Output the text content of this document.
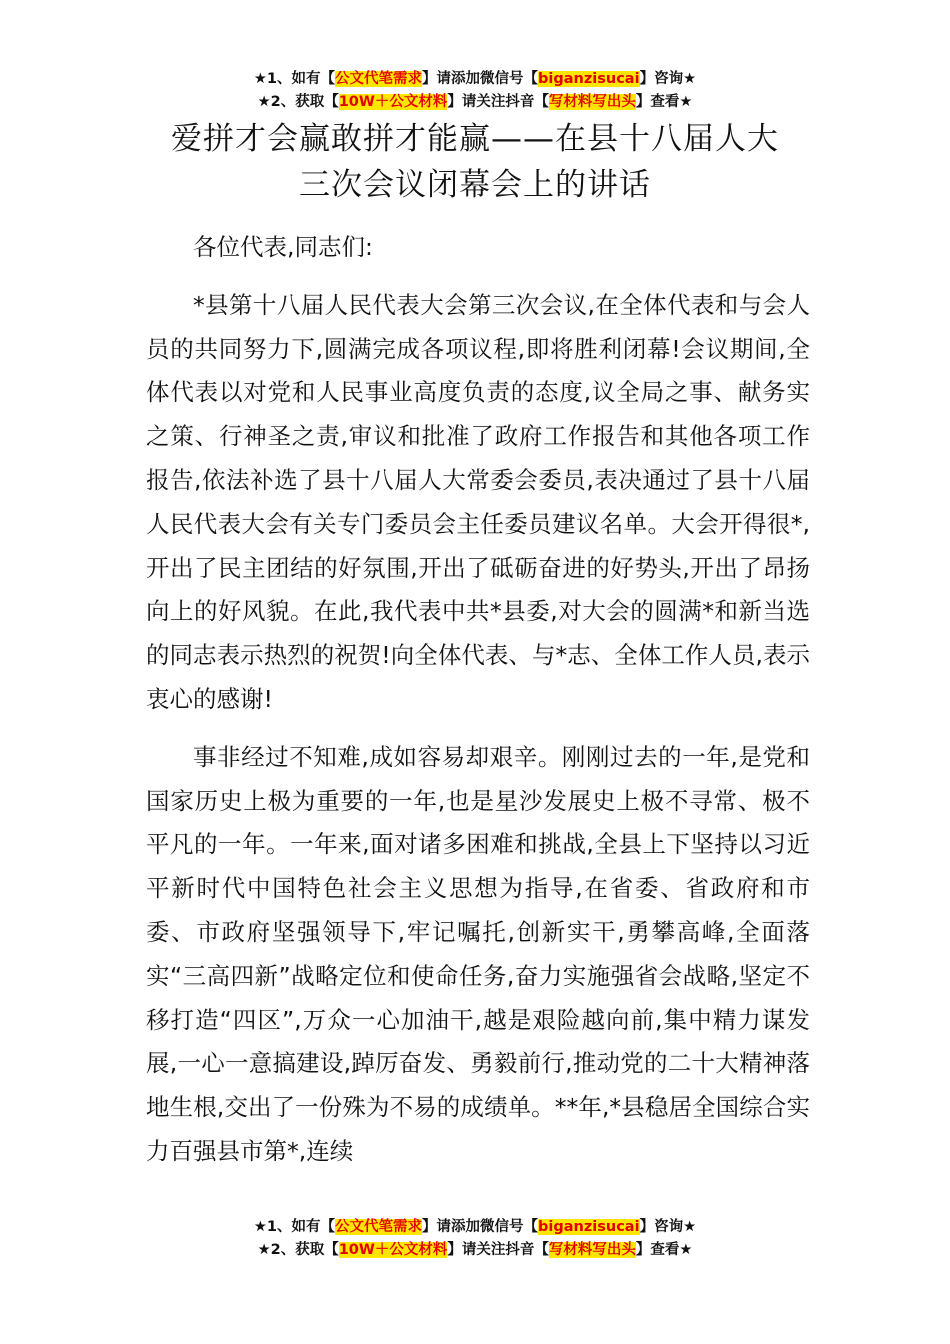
★1、如有【公文代笔需求】请添加微信号【biganzisucai】咨询★
★2、获取【10W＋公文材料】请关注抖音【写材料写出头】查看★
爱拼才会赢敢拼才能赢——在县十八届人大
三次会议闭幕会上的讲话

各位代表,同志们:

*县第十八届人民代表大会第三次会议,在全体代表和与会人员的共同努力下,圆满完成各项议程,即将胜利闭幕!会议期间,全体代表以对党和人民事业高度负责的态度,议全局之事、献务实之策、行神圣之责,审议和批准了政府工作报告和其他各项工作报告,依法补选了县十八届人大常委会委员,表决通过了县十八届人民代表大会有关专门委员会主任委员建议名单。大会开得很*,开出了民主团结的好氛围,开出了砥砺奋进的好势头,开出了昂扬向上的好风貌。在此,我代表中共*县委,对大会的圆满*和新当选的同志表示热烈的祝贺!向全体代表、与*志、全体工作人员,表示衷心的感谢!

事非经过不知难,成如容易却艰辛。刚刚过去的一年,是党和国家历史上极为重要的一年,也是星沙发展史上极不寻常、极不平凡的一年。一年来,面对诸多困难和挑战,全县上下坚持以习近平新时代中国特色社会主义思想为指导,在省委、省政府和市委、市政府坚强领导下,牢记嘱托,创新实干,勇攀高峰,全面落实“三高四新”战略定位和使命任务,奋力实施强省会战略,坚定不移打造“四区”,万众一心加油干,越是艰险越向前,集中精力谋发展,一心一意搞建设,踔厉奋发、勇毅前行,推动党的二十大精神落地生根,交出了一份殊为不易的成绩单。**年,*县稳居全国综合实力百强县市第*,连续

★1、如有【公文代笔需求】请添加微信号【biganzisucai】咨询★
★2、获取【10W＋公文材料】请关注抖音【写材料写出头】查看★
